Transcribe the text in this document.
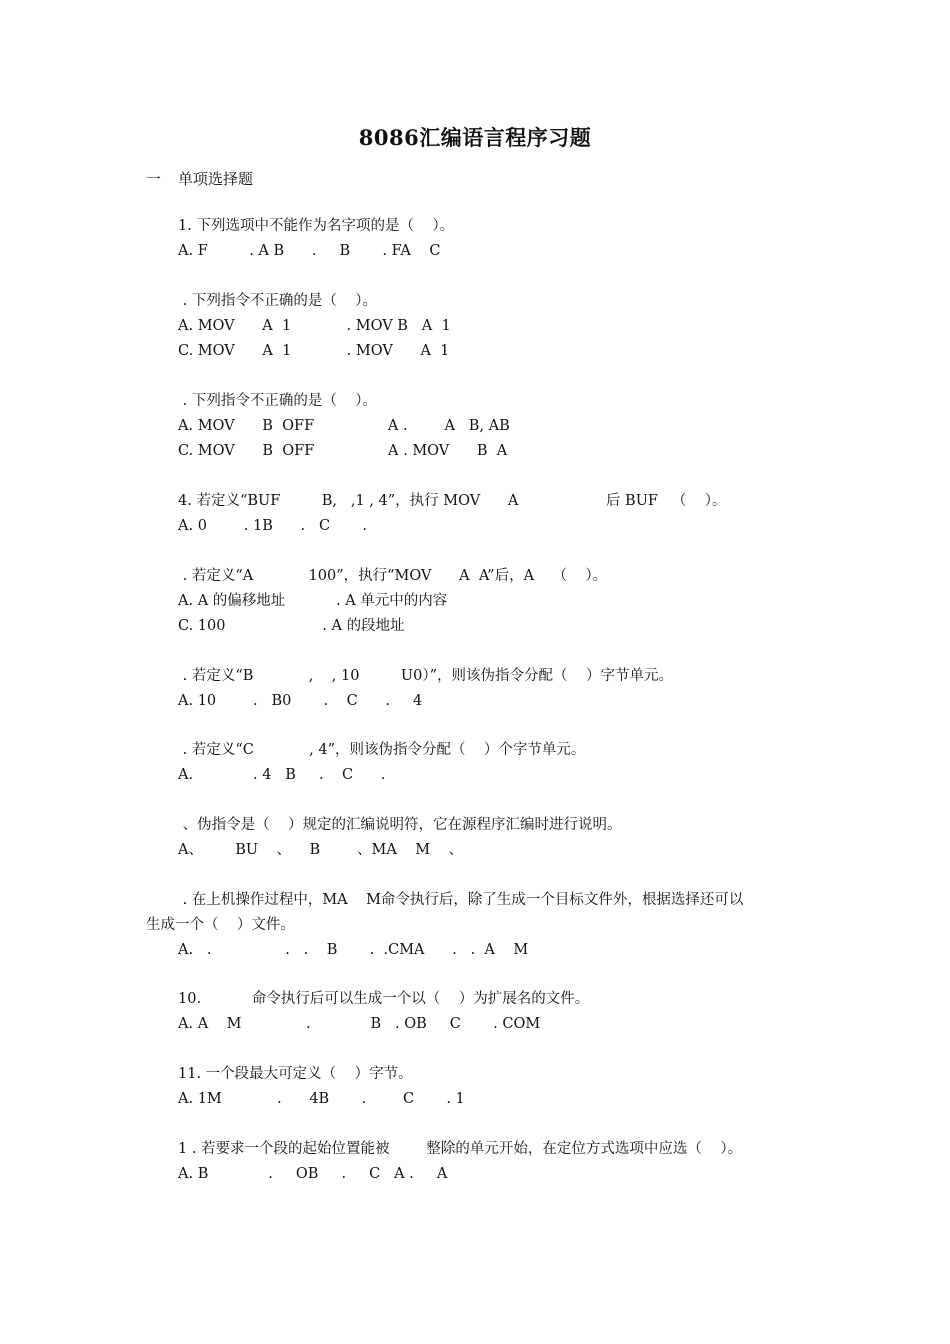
8086汇编语言程序习题
一 单项选择题
1. 下列选项中不能作为名字项的是（    ）。
A. F         . A B      .     B       . FA    C
. 下列指令不正确的是（    ）。
A. MOV      A  1            . MOV B   A  1
C. MOV      A  1            . MOV      A  1
. 下列指令不正确的是（    ）。
A. MOV      B  OFF                A .        A   B, AB
C. MOV      B  OFF                A . MOV      B  A
4. 若定义“BUF         B,   ,1 , 4”，执行 MOV      A                   后 BUF   （    ）。
A. 0        . 1B      .   C       .
. 若定义“A            100”，执行“MOV      A  A”后，A    （    ）。
A. A 的偏移地址           . A 单元中的内容
C. 100                     . A 的段地址
. 若定义“B            ,    , 10         U0）”，则该伪指令分配（    ）字节单元。
A. 10        .   B0       .    C      .     4
. 若定义“C            , 4”，则该伪指令分配（    ）个字节单元。
A.             . 4   B     .    C      .
、伪指令是（    ）规定的汇编说明符，它在源程序汇编时进行说明。
A、       BU    、    B        、MA    M    、
. 在上机操作过程中，MA    M命令执行后，除了生成一个目标文件外，根据选择还可以
生成一个（    ）文件。
A.   .                .   .    B       .  .CMA      .   .  A    M
10.           命令执行后可以生成一个以（    ）为扩展名的文件。
A. A    M              .             B   . OB     C       . COM
11. 一个段最大可定义（    ）字节。
A. 1M            .      4B       .        C       . 1
1 . 若要求一个段的起始位置能被        整除的单元开始，在定位方式选项中应选（    ）。
A. B             .     OB     .     C   A .     A
